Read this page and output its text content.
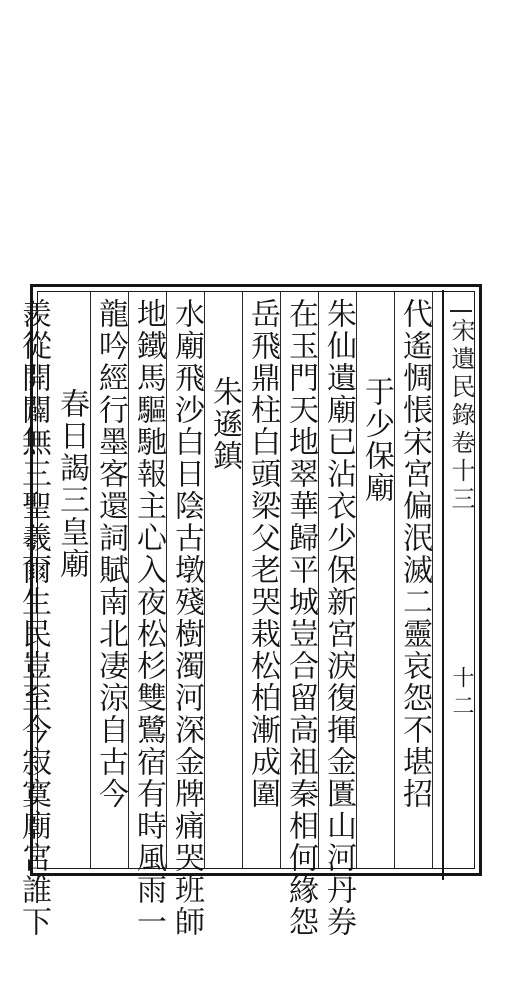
宋遺民錄卷十三
十二
代遙惆悵宋宮偏泯滅二靈哀怨不堪招
于少保廟
朱仙遺廟已沾衣少保新宮淚復揮金匱山河丹券
在玉門天地翠華歸平城豈合留高祖秦相何緣怨
岳飛鼎柱白頭梁父老哭栽松柏漸成圍
朱遜鎮
水廟飛沙白日陰古墩殘樹濁河深金牌痛哭班師
地鐵馬驅馳報主心入夜松杉雙鷺宿有時風雨一
龍吟經行墨客還詞賦南北凄涼自古今
春日謁三皇廟
羨從開闢無三聖羲爾生民豈至今寂寞廟宮誰下
